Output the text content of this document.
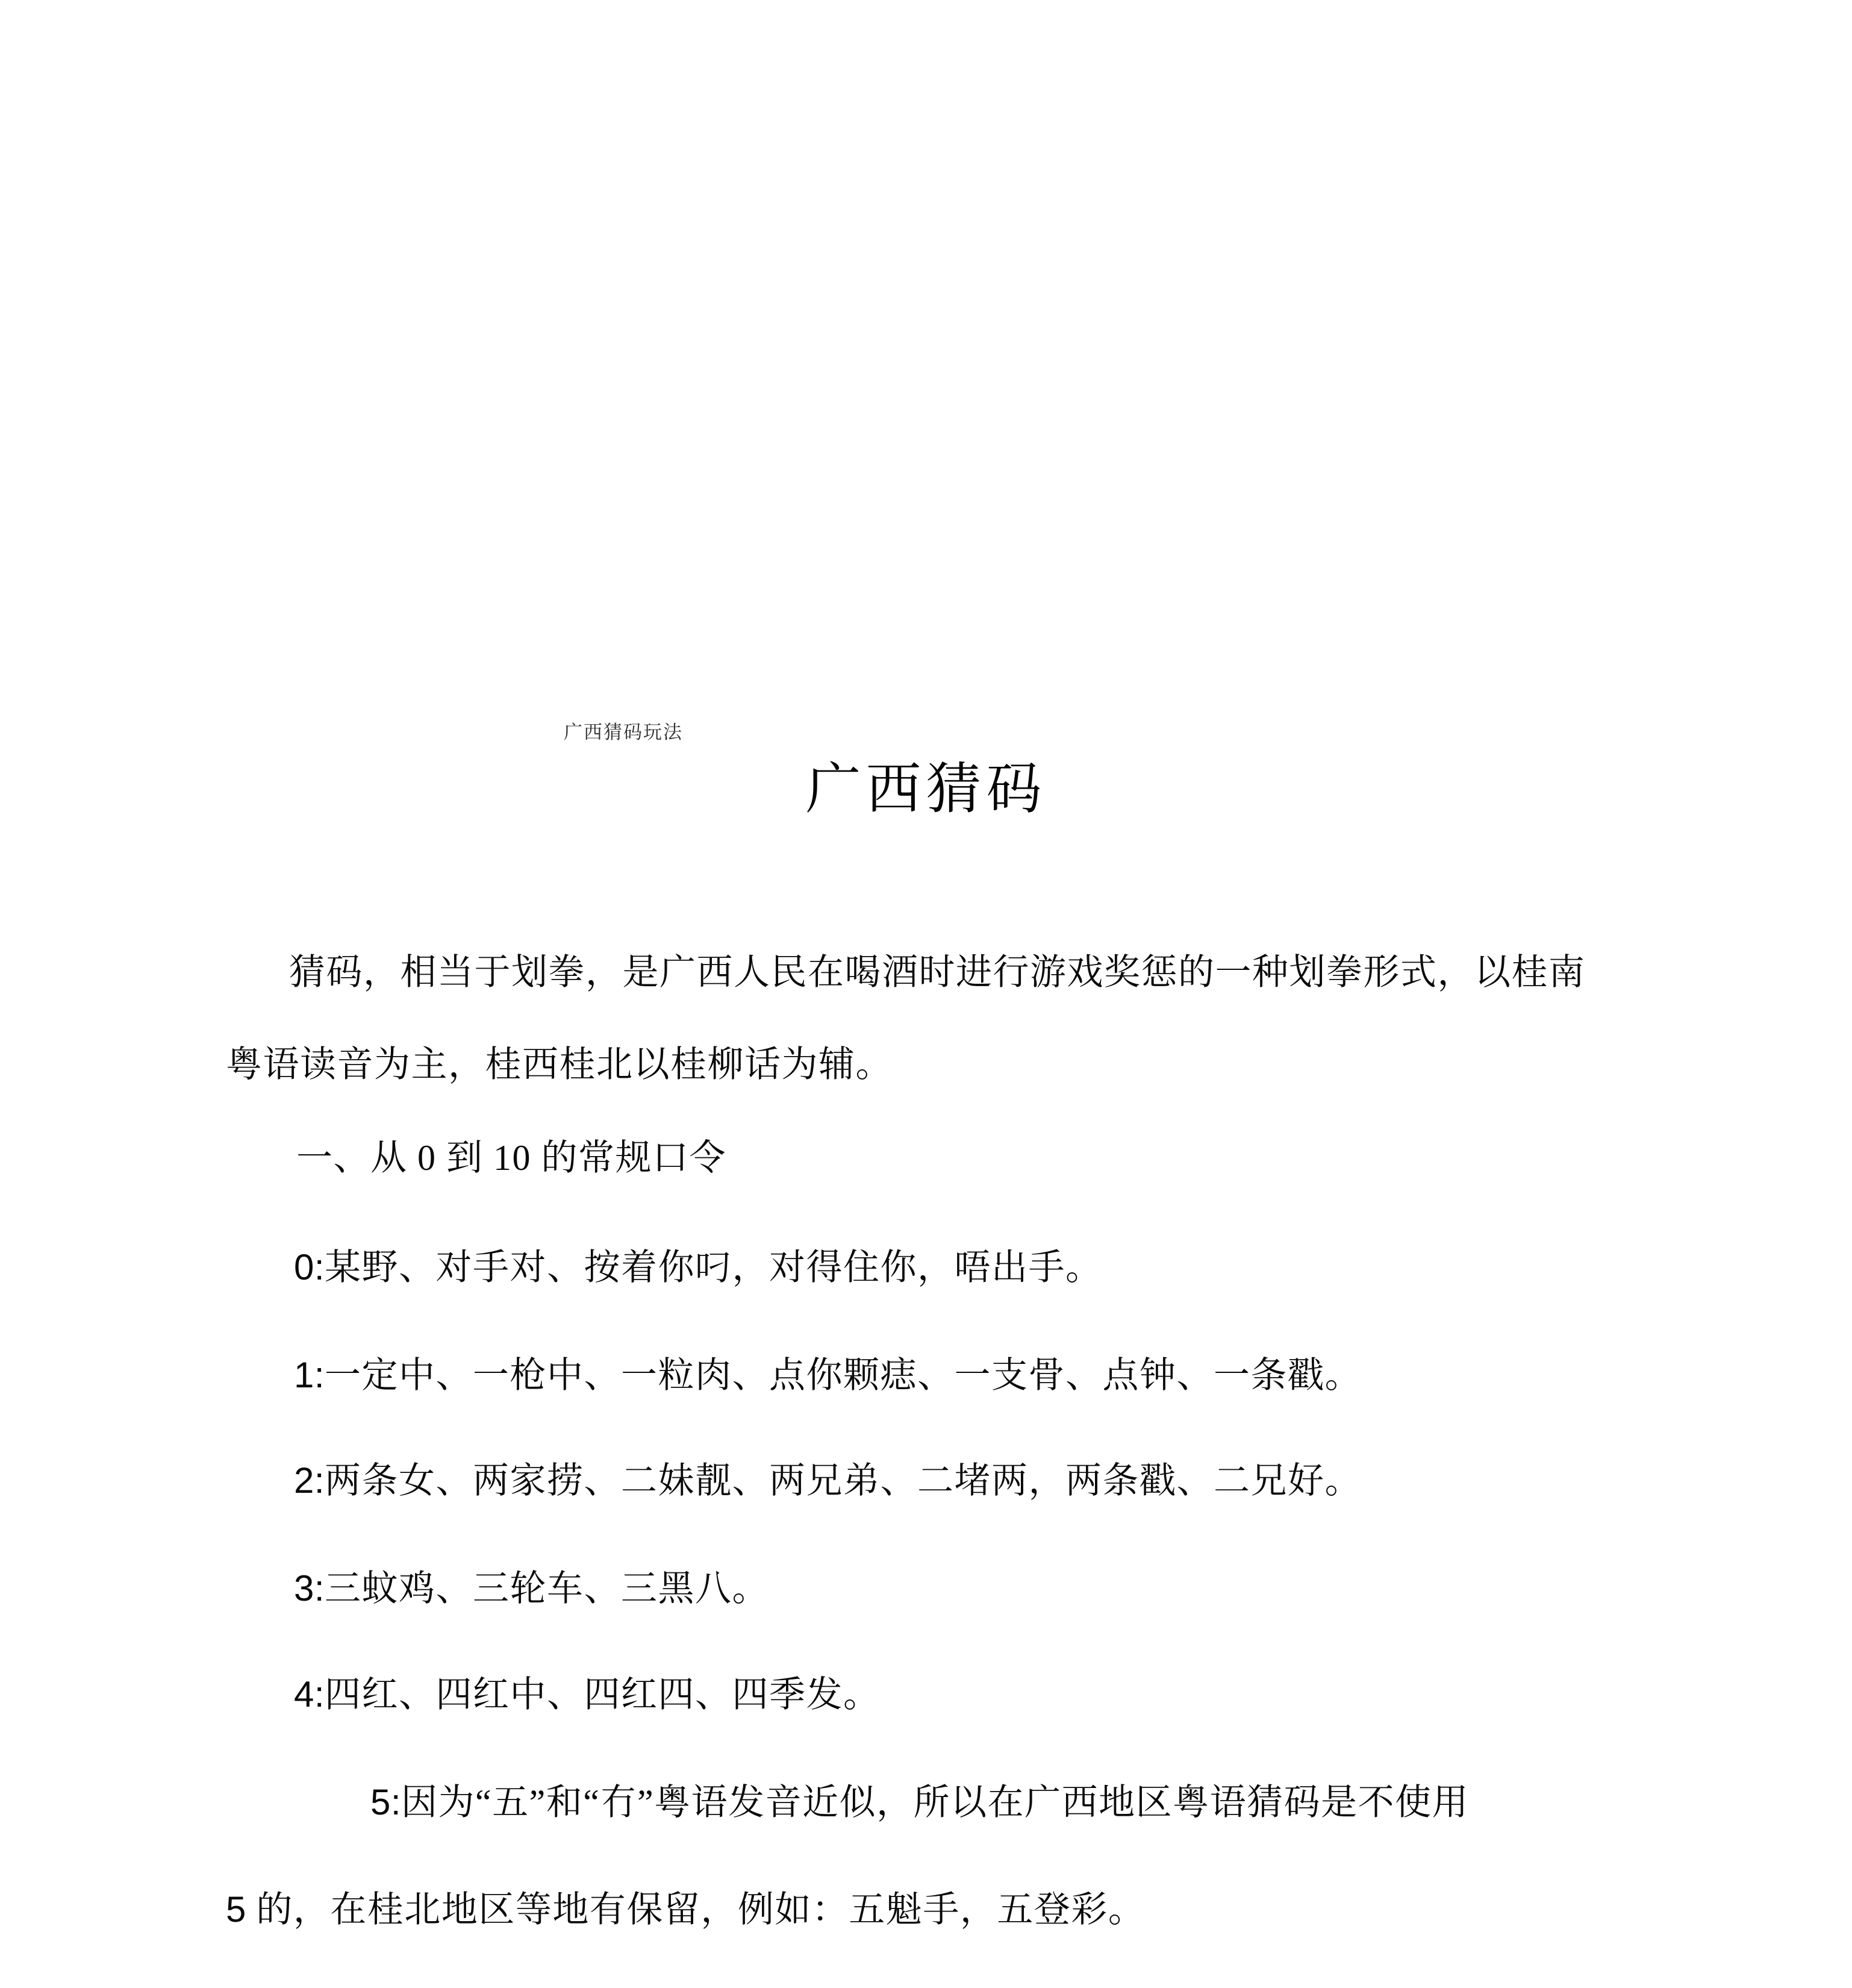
广西猜码玩法
广西猜码

猜码，相当于划拳，是广西人民在喝酒时进行游戏奖惩的一种划拳形式，以桂南

粤语读音为主，桂西桂北以桂柳话为辅。

一、从 0 到 10 的常规口令

0:某野、对手对、按着你叼，对得住你，唔出手。

1:一定中、一枪中、一粒肉、点你颗痣、一支骨、点钟、一条戳。

2:两条女、两家捞、二妹靓、两兄弟、二堵两，两条戳、二兄好。

3:三蚊鸡、三轮车、三黑八。

4:四红、四红中、四红四、四季发。

5:因为“五”和“冇”粤语发音近似，所以在广西地区粤语猜码是不使用

5 的，在桂北地区等地有保留，例如：五魁手，五登彩。
